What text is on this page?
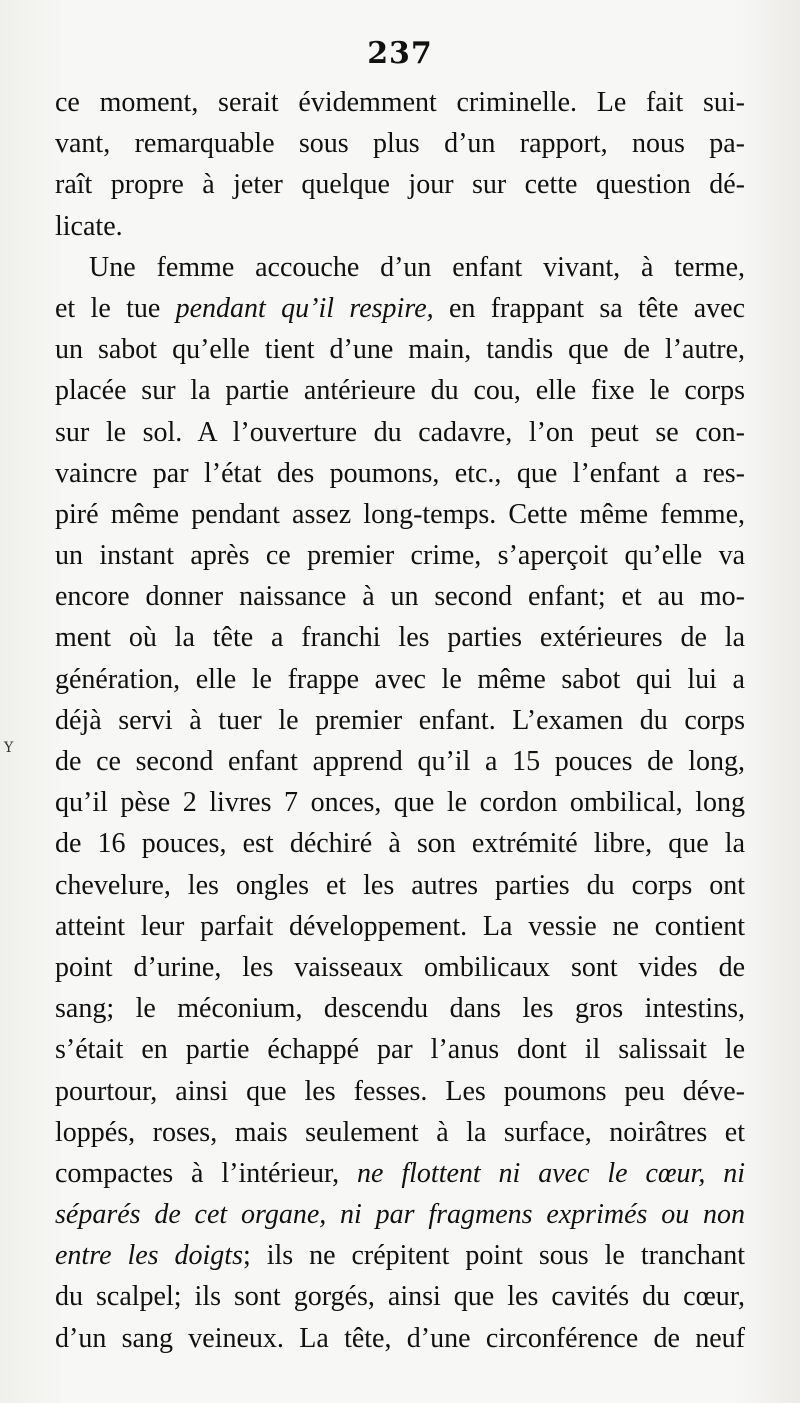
237
Y
ce moment, serait évidemment criminelle. Le fait sui-
vant, remarquable sous plus d’un rapport, nous pa-
raît propre à jeter quelque jour sur cette question dé-
licate.
Une femme accouche d’un enfant vivant, à terme,
et le tue pendant qu’il respire, en frappant sa tête avec
un sabot qu’elle tient d’une main, tandis que de l’autre,
placée sur la partie antérieure du cou, elle fixe le corps
sur le sol. A l’ouverture du cadavre, l’on peut se con-
vaincre par l’état des poumons, etc., que l’enfant a res-
piré même pendant assez long-temps. Cette même femme,
un instant après ce premier crime, s’aperçoit qu’elle va
encore donner naissance à un second enfant; et au mo-
ment où la tête a franchi les parties extérieures de la
génération, elle le frappe avec le même sabot qui lui a
déjà servi à tuer le premier enfant. L’examen du corps
de ce second enfant apprend qu’il a 15 pouces de long,
qu’il pèse 2 livres 7 onces, que le cordon ombilical, long
de 16 pouces, est déchiré à son extrémité libre, que la
chevelure, les ongles et les autres parties du corps ont
atteint leur parfait développement. La vessie ne contient
point d’urine, les vaisseaux ombilicaux sont vides de
sang; le méconium, descendu dans les gros intestins,
s’était en partie échappé par l’anus dont il salissait le
pourtour, ainsi que les fesses. Les poumons peu déve-
loppés, roses, mais seulement à la surface, noirâtres et
compactes à l’intérieur, ne flottent ni avec le cœur, ni
séparés de cet organe, ni par fragmens exprimés ou non
entre les doigts; ils ne crépitent point sous le tranchant
du scalpel; ils sont gorgés, ainsi que les cavités du cœur,
d’un sang veineux. La tête, d’une circonférence de neuf
